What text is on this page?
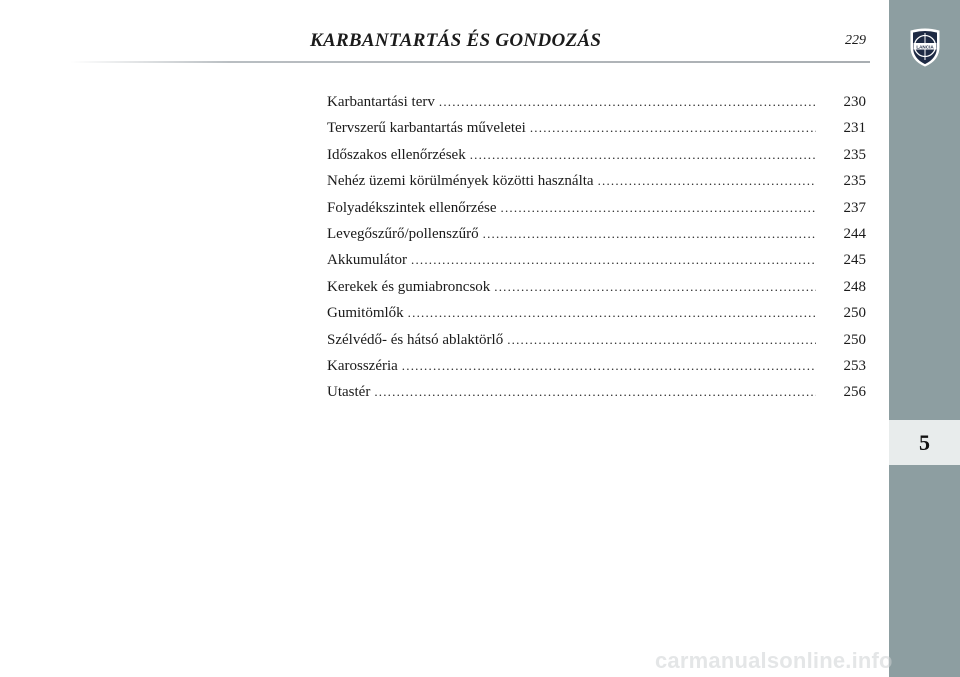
KARBANTARTÁS ÉS GONDOZÁS	229	LANCIA
5
Karbantartási terv .....	230
Tervszerű karbantartás műveletei .....	231
Időszakos ellenőrzések .....	235
Nehéz üzemi körülmények közötti használta .....	235
Folyadékszintek ellenőrzése .....	237
Levegőszűrő/pollenszűrő .....	244
Akkumulátor .....	245
Kerekek és gumiabroncsok .....	248
Gumitömlők .....	250
Szélvédő- és hátsó ablaktörlő .....	250
Karosszéria .....	253
Utastér .....	256
carmanualsonline.info
